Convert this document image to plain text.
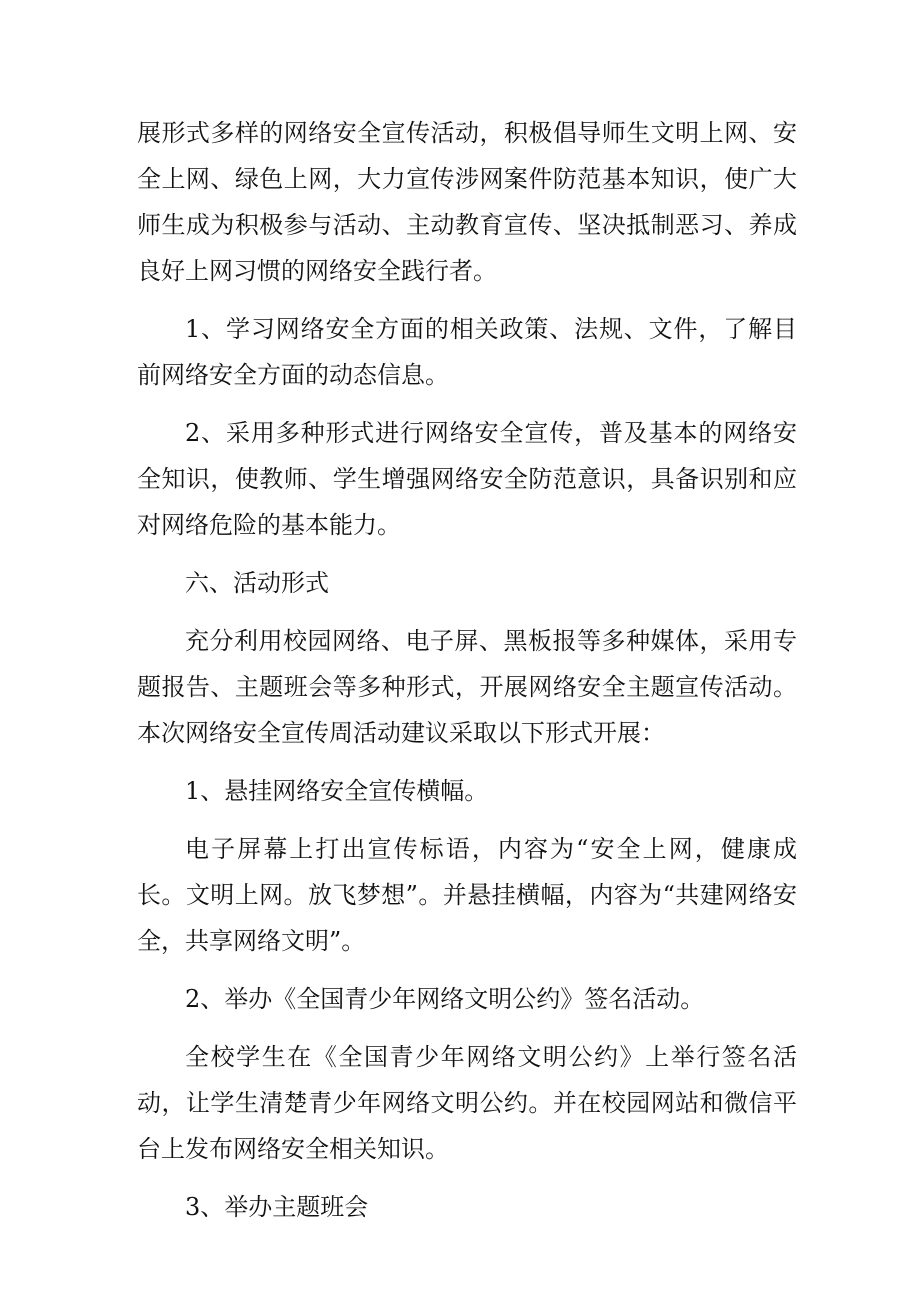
展形式多样的网络安全宣传活动，积极倡导师生文明上网、安全上网、绿色上网，大力宣传涉网案件防范基本知识，使广大师生成为积极参与活动、主动教育宣传、坚决抵制恶习、养成良好上网习惯的网络安全践行者。

1、学习网络安全方面的相关政策、法规、文件，了解目前网络安全方面的动态信息。

2、采用多种形式进行网络安全宣传，普及基本的网络安全知识，使教师、学生增强网络安全防范意识，具备识别和应对网络危险的基本能力。

六、活动形式

充分利用校园网络、电子屏、黑板报等多种媒体，采用专题报告、主题班会等多种形式，开展网络安全主题宣传活动。本次网络安全宣传周活动建议采取以下形式开展：

1、悬挂网络安全宣传横幅。

电子屏幕上打出宣传标语，内容为“安全上网，健康成长。文明上网。放飞梦想”。并悬挂横幅，内容为“共建网络安全，共享网络文明”。

2、举办《全国青少年网络文明公约》签名活动。

全校学生在《全国青少年网络文明公约》上举行签名活动，让学生清楚青少年网络文明公约。并在校园网站和微信平台上发布网络安全相关知识。

3、举办主题班会
